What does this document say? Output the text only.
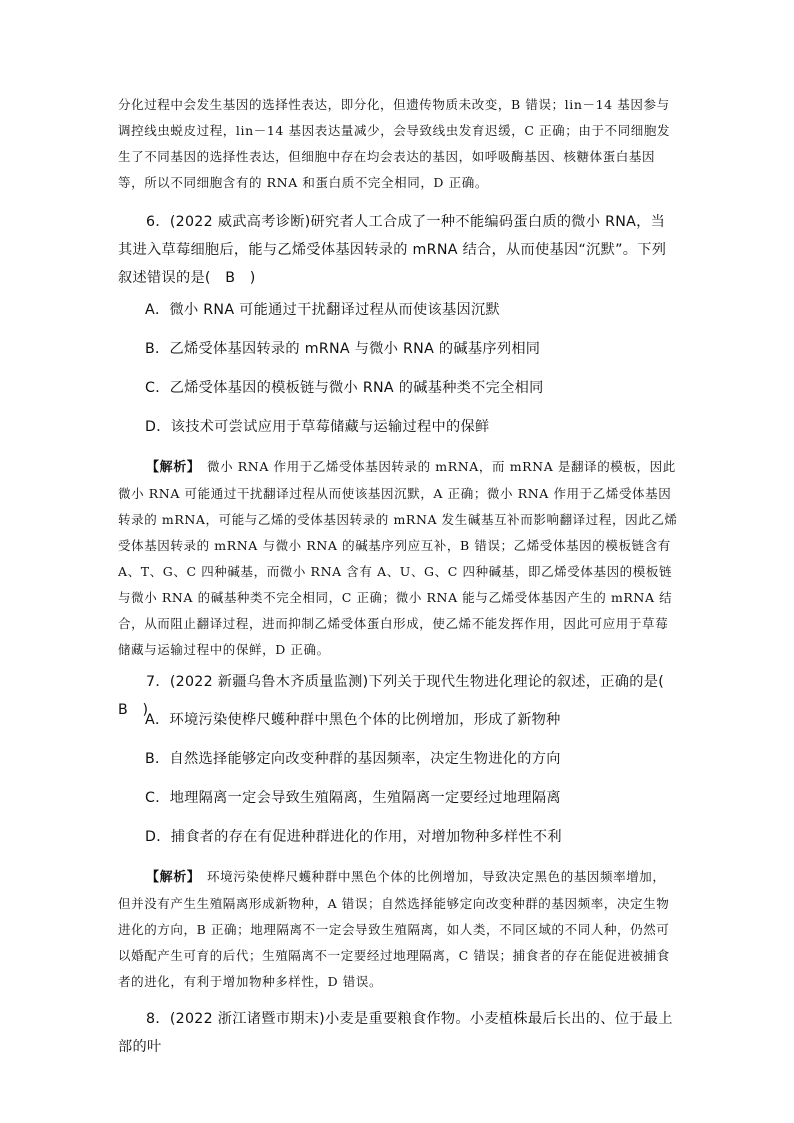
分化过程中会发生基因的选择性表达，即分化，但遗传物质未改变，B 错误；lin－14 基因参与调控线虫蜕皮过程，lin－14 基因表达量减少，会导致线虫发育迟缓，C 正确；由于不同细胞发生了不同基因的选择性表达，但细胞中存在均会表达的基因，如呼吸酶基因、核糖体蛋白基因等，所以不同细胞含有的 RNA 和蛋白质不完全相同，D 正确。

6．(2022 威武高考诊断)研究者人工合成了一种不能编码蛋白质的微小 RNA，当其进入草莓细胞后，能与乙烯受体基因转录的 mRNA 结合，从而使基因“沉默”。下列叙述错误的是(　B　)

A．微小 RNA 可能通过干扰翻译过程从而使该基因沉默

B．乙烯受体基因转录的 mRNA 与微小 RNA 的碱基序列相同

C．乙烯受体基因的模板链与微小 RNA 的碱基种类不完全相同

D．该技术可尝试应用于草莓储藏与运输过程中的保鲜

【解析】　微小 RNA 作用于乙烯受体基因转录的 mRNA，而 mRNA 是翻译的模板，因此微小 RNA 可能通过干扰翻译过程从而使该基因沉默，A 正确；微小 RNA 作用于乙烯受体基因转录的 mRNA，可能与乙烯的受体基因转录的 mRNA 发生碱基互补而影响翻译过程，因此乙烯受体基因转录的 mRNA 与微小 RNA 的碱基序列应互补，B 错误；乙烯受体基因的模板链含有 A、T、G、C 四种碱基，而微小 RNA 含有 A、U、G、C 四种碱基，即乙烯受体基因的模板链与微小 RNA 的碱基种类不完全相同，C 正确；微小 RNA 能与乙烯受体基因产生的 mRNA 结合，从而阻止翻译过程，进而抑制乙烯受体蛋白形成，使乙烯不能发挥作用，因此可应用于草莓储藏与运输过程中的保鲜，D 正确。

7．(2022 新疆乌鲁木齐质量监测)下列关于现代生物进化理论的叙述，正确的是(　B　)

A．环境污染使桦尺蠖种群中黑色个体的比例增加，形成了新物种

B．自然选择能够定向改变种群的基因频率，决定生物进化的方向

C．地理隔离一定会导致生殖隔离，生殖隔离一定要经过地理隔离

D．捕食者的存在有促进种群进化的作用，对增加物种多样性不利

【解析】　环境污染使桦尺蠖种群中黑色个体的比例增加，导致决定黑色的基因频率增加，但并没有产生生殖隔离形成新物种，A 错误；自然选择能够定向改变种群的基因频率，决定生物进化的方向，B 正确；地理隔离不一定会导致生殖隔离，如人类，不同区域的不同人种，仍然可以婚配产生可育的后代；生殖隔离不一定要经过地理隔离，C 错误；捕食者的存在能促进被捕食者的进化，有利于增加物种多样性，D 错误。

8．(2022 浙江诸暨市期末)小麦是重要粮食作物。小麦植株最后长出的、位于最上部的叶
